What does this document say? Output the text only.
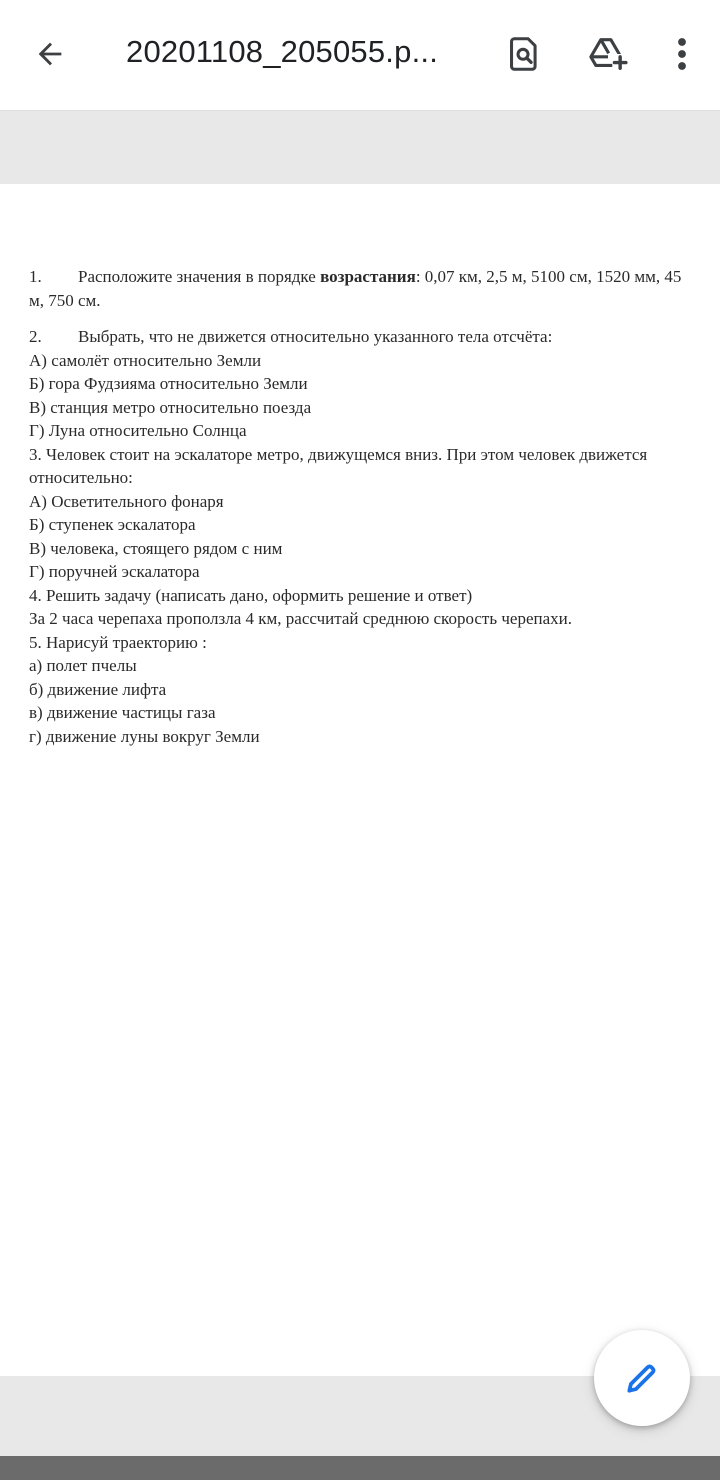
20201108_205055.p...

1. Расположите значения в порядке возрастания: 0,07 км, 2,5 м, 5100 см, 1520 мм, 45 м, 750 см.

2. Выбрать, что не движется относительно указанного тела отсчёта:

А) самолёт относительно Земли

Б) гора Фудзияма относительно Земли

В) станция метро относительно поезда

Г) Луна относительно Солнца

3. Человек стоит на эскалаторе метро, движущемся вниз. При этом человек движется относительно:

А) Осветительного фонаря

Б) ступенек эскалатора

В) человека, стоящего рядом с ним

Г) поручней эскалатора

4. Решить задачу (написать дано, оформить решение и ответ)

За 2 часа черепаха проползла 4 км, рассчитай среднюю скорость черепахи.

5. Нарисуй траекторию :

а) полет пчелы

б) движение лифта

в) движение частицы газа

г) движение луны вокруг Земли
